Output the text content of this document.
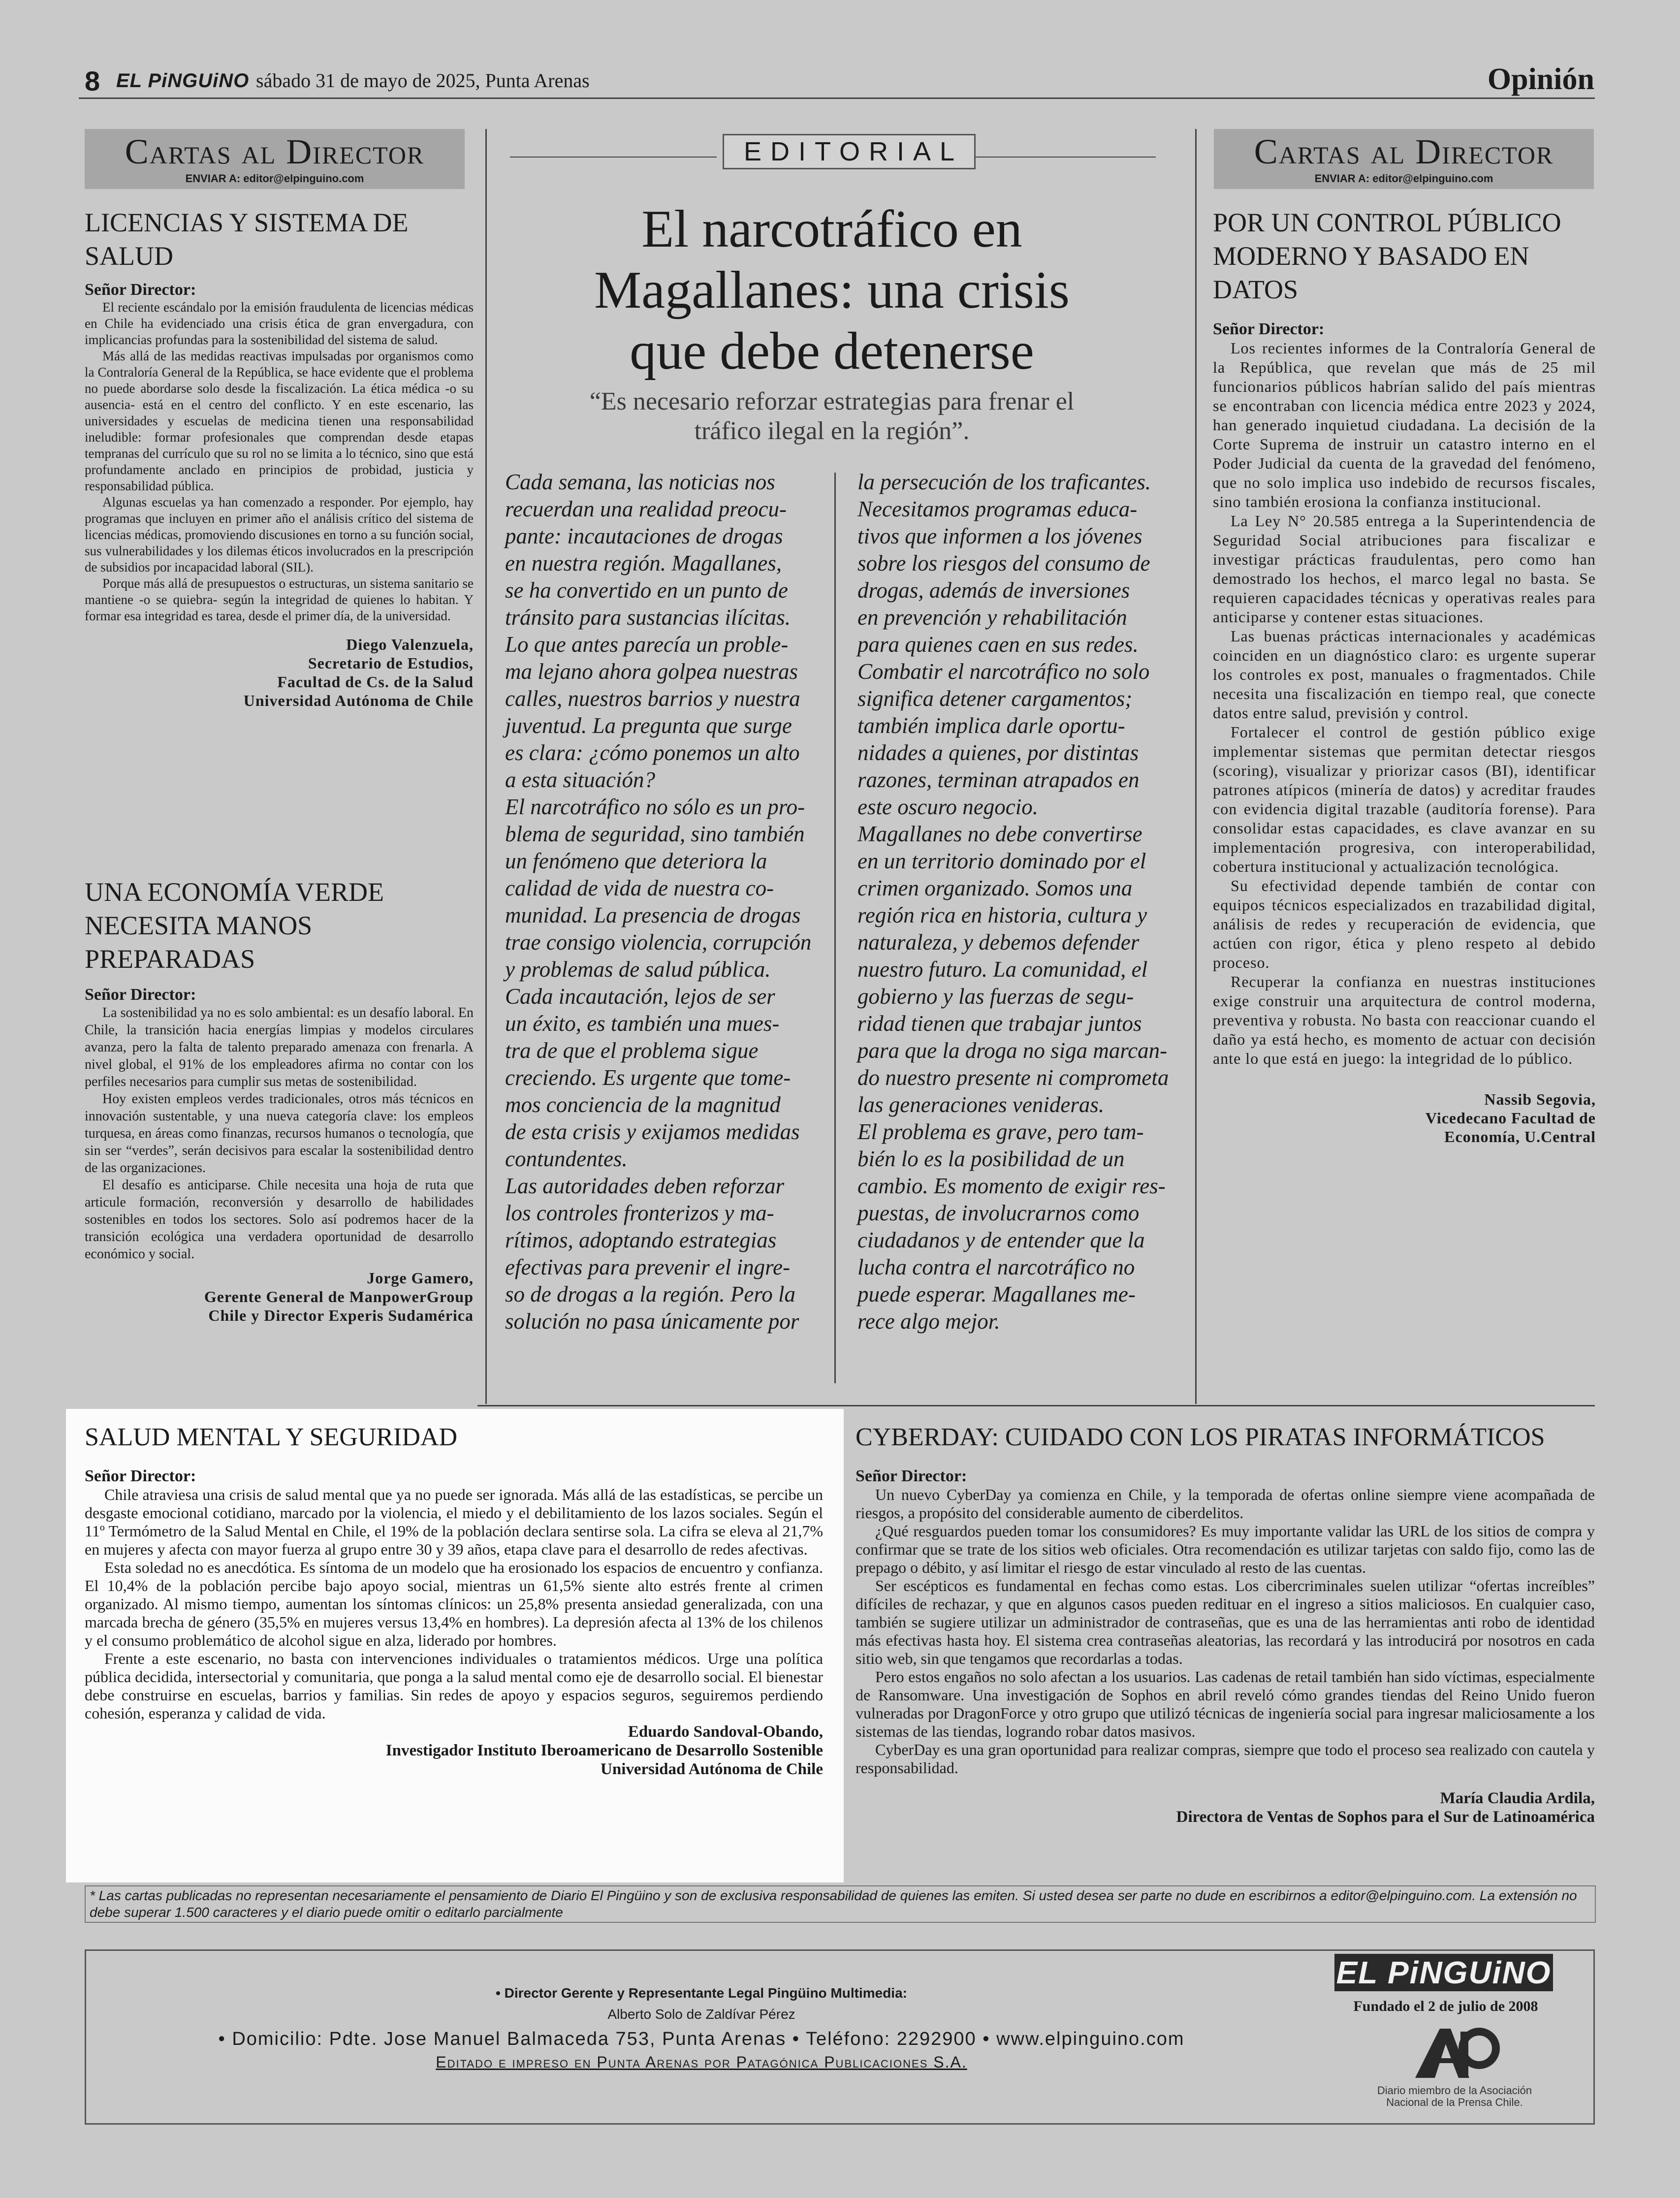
8 EL PiNGUiNO sábado 31 de mayo de 2025, Punta Arenas	Opinión
Cartas al Director
ENVIAR A: editor@elpinguino.com
LICENCIAS Y SISTEMA DE
SALUD
Señor Director:

El reciente escándalo por la emisión fraudulenta de licencias médicas en Chile ha evidenciado una crisis ética de gran envergadura, con implicancias profundas para la sostenibilidad del sistema de salud.

Más allá de las medidas reactivas impulsadas por organismos como la Contraloría General de la República, se hace evidente que el problema no puede abordarse solo desde la fiscalización. La ética médica -o su ausencia- está en el centro del conflicto. Y en este escenario, las universidades y escuelas de medicina tienen una responsabilidad ineludible: formar profesionales que comprendan desde etapas tempranas del currículo que su rol no se limita a lo técnico, sino que está profundamente anclado en principios de probidad, justicia y responsabilidad pública.

Algunas escuelas ya han comenzado a responder. Por ejemplo, hay programas que incluyen en primer año el análisis crítico del sistema de licencias médicas, promoviendo discusiones en torno a su función social, sus vulnerabilidades y los dilemas éticos involucrados en la prescripción de subsidios por incapacidad laboral (SIL).

Porque más allá de presupuestos o estructuras, un sistema sanitario se mantiene -o se quiebra- según la integridad de quienes lo habitan. Y formar esa integridad es tarea, desde el primer día, de la universidad.

Diego Valenzuela,
Secretario de Estudios,
Facultad de Cs. de la Salud
Universidad Autónoma de Chile
UNA ECONOMÍA VERDE
NECESITA MANOS
PREPARADAS
Señor Director:

La sostenibilidad ya no es solo ambiental: es un desafío laboral. En Chile, la transición hacia energías limpias y modelos circulares avanza, pero la falta de talento preparado amenaza con frenarla. A nivel global, el 91% de los empleadores afirma no contar con los perfiles necesarios para cumplir sus metas de sostenibilidad.

Hoy existen empleos verdes tradicionales, otros más técnicos en innovación sustentable, y una nueva categoría clave: los empleos turquesa, en áreas como finanzas, recursos humanos o tecnología, que sin ser “verdes”, serán decisivos para escalar la sostenibilidad dentro de las organizaciones.

El desafío es anticiparse. Chile necesita una hoja de ruta que articule formación, reconversión y desarrollo de habilidades sostenibles en todos los sectores. Solo así podremos hacer de la transición ecológica una verdadera oportunidad de desarrollo económico y social.

Jorge Gamero,
Gerente General de ManpowerGroup
Chile y Director Experis Sudamérica
EDITORIAL
El narcotráfico en
Magallanes: una crisis
que debe detenerse
“Es necesario reforzar estrategias para frenar el
tráfico ilegal en la región”.
Cada semana, las noticias nos
recuerdan una realidad preocu-
pante: incautaciones de drogas
en nuestra región. Magallanes,
se ha convertido en un punto de
tránsito para sustancias ilícitas.
Lo que antes parecía un proble-
ma lejano ahora golpea nuestras
calles, nuestros barrios y nuestra
juventud. La pregunta que surge
es clara: ¿cómo ponemos un alto
a esta situación?
El narcotráfico no sólo es un pro-
blema de seguridad, sino también
un fenómeno que deteriora la
calidad de vida de nuestra co-
munidad. La presencia de drogas
trae consigo violencia, corrupción
y problemas de salud pública.
Cada incautación, lejos de ser
un éxito, es también una mues-
tra de que el problema sigue
creciendo. Es urgente que tome-
mos conciencia de la magnitud
de esta crisis y exijamos medidas
contundentes.
Las autoridades deben reforzar
los controles fronterizos y ma-
rítimos, adoptando estrategias
efectivas para prevenir el ingre-
so de drogas a la región. Pero la
solución no pasa únicamente por
la persecución de los traficantes.
Necesitamos programas educa-
tivos que informen a los jóvenes
sobre los riesgos del consumo de
drogas, además de inversiones
en prevención y rehabilitación
para quienes caen en sus redes.
Combatir el narcotráfico no solo
significa detener cargamentos;
también implica darle oportu-
nidades a quienes, por distintas
razones, terminan atrapados en
este oscuro negocio.
Magallanes no debe convertirse
en un territorio dominado por el
crimen organizado. Somos una
región rica en historia, cultura y
naturaleza, y debemos defender
nuestro futuro. La comunidad, el
gobierno y las fuerzas de segu-
ridad tienen que trabajar juntos
para que la droga no siga marcan-
do nuestro presente ni comprometa
las generaciones venideras.
El problema es grave, pero tam-
bién lo es la posibilidad de un
cambio. Es momento de exigir res-
puestas, de involucrarnos como
ciudadanos y de entender que la
lucha contra el narcotráfico no
puede esperar. Magallanes me-
rece algo mejor.
Cartas al Director
ENVIAR A: editor@elpinguino.com
POR UN CONTROL PÚBLICO
MODERNO Y BASADO EN
DATOS
Señor Director:

Los recientes informes de la Contraloría General de la República, que revelan que más de 25 mil funcionarios públicos habrían salido del país mientras se encontraban con licencia médica entre 2023 y 2024, han generado inquietud ciudadana. La decisión de la Corte Suprema de instruir un catastro interno en el Poder Judicial da cuenta de la gravedad del fenómeno, que no solo implica uso indebido de recursos fiscales, sino también erosiona la confianza institucional.

La Ley N° 20.585 entrega a la Superintendencia de Seguridad Social atribuciones para fiscalizar e investigar prácticas fraudulentas, pero como han demostrado los hechos, el marco legal no basta. Se requieren capacidades técnicas y operativas reales para anticiparse y contener estas situaciones.

Las buenas prácticas internacionales y académicas coinciden en un diagnóstico claro: es urgente superar los controles ex post, manuales o fragmentados. Chile necesita una fiscalización en tiempo real, que conecte datos entre salud, previsión y control.

Fortalecer el control de gestión público exige implementar sistemas que permitan detectar riesgos (scoring), visualizar y priorizar casos (BI), identificar patrones atípicos (minería de datos) y acreditar fraudes con evidencia digital trazable (auditoría forense). Para consolidar estas capacidades, es clave avanzar en su implementación progresiva, con interoperabilidad, cobertura institucional y actualización tecnológica.

Su efectividad depende también de contar con equipos técnicos especializados en trazabilidad digital, análisis de redes y recuperación de evidencia, que actúen con rigor, ética y pleno respeto al debido proceso.

Recuperar la confianza en nuestras instituciones exige construir una arquitectura de control moderna, preventiva y robusta. No basta con reaccionar cuando el daño ya está hecho, es momento de actuar con decisión ante lo que está en juego: la integridad de lo público.

Nassib Segovia,
Vicedecano Facultad de
Economía, U.Central
SALUD MENTAL Y SEGURIDAD
Señor Director:

Chile atraviesa una crisis de salud mental que ya no puede ser ignorada. Más allá de las estadísticas, se percibe un desgaste emocional cotidiano, marcado por la violencia, el miedo y el debilitamiento de los lazos sociales. Según el 11º Termómetro de la Salud Mental en Chile, el 19% de la población declara sentirse sola. La cifra se eleva al 21,7% en mujeres y afecta con mayor fuerza al grupo entre 30 y 39 años, etapa clave para el desarrollo de redes afectivas.

Esta soledad no es anecdótica. Es síntoma de un modelo que ha erosionado los espacios de encuentro y confianza. El 10,4% de la población percibe bajo apoyo social, mientras un 61,5% siente alto estrés frente al crimen organizado. Al mismo tiempo, aumentan los síntomas clínicos: un 25,8% presenta ansiedad generalizada, con una marcada brecha de género (35,5% en mujeres versus 13,4% en hombres). La depresión afecta al 13% de los chilenos y el consumo problemático de alcohol sigue en alza, liderado por hombres.

Frente a este escenario, no basta con intervenciones individuales o tratamientos médicos. Urge una política pública decidida, intersectorial y comunitaria, que ponga a la salud mental como eje de desarrollo social. El bienestar debe construirse en escuelas, barrios y familias. Sin redes de apoyo y espacios seguros, seguiremos perdiendo cohesión, esperanza y calidad de vida.

Eduardo Sandoval-Obando,
Investigador Instituto Iberoamericano de Desarrollo Sostenible
Universidad Autónoma de Chile
CYBERDAY: CUIDADO CON LOS PIRATAS INFORMÁTICOS
Señor Director:

Un nuevo CyberDay ya comienza en Chile, y la temporada de ofertas online siempre viene acompañada de riesgos, a propósito del considerable aumento de ciberdelitos.

¿Qué resguardos pueden tomar los consumidores? Es muy importante validar las URL de los sitios de compra y confirmar que se trate de los sitios web oficiales. Otra recomendación es utilizar tarjetas con saldo fijo, como las de prepago o débito, y así limitar el riesgo de estar vinculado al resto de las cuentas.

Ser escépticos es fundamental en fechas como estas. Los cibercriminales suelen utilizar “ofertas increíbles” difíciles de rechazar, y que en algunos casos pueden redituar en el ingreso a sitios maliciosos. En cualquier caso, también se sugiere utilizar un administrador de contraseñas, que es una de las herramientas anti robo de identidad más efectivas hasta hoy. El sistema crea contraseñas aleatorias, las recordará y las introducirá por nosotros en cada sitio web, sin que tengamos que recordarlas a todas.

Pero estos engaños no solo afectan a los usuarios. Las cadenas de retail también han sido víctimas, especialmente de Ransomware. Una investigación de Sophos en abril reveló cómo grandes tiendas del Reino Unido fueron vulneradas por DragonForce y otro grupo que utilizó técnicas de ingeniería social para ingresar maliciosamente a los sistemas de las tiendas, logrando robar datos masivos.

CyberDay es una gran oportunidad para realizar compras, siempre que todo el proceso sea realizado con cautela y responsabilidad.

María Claudia Ardila,
Directora de Ventas de Sophos para el Sur de Latinoamérica
* Las cartas publicadas no representan necesariamente el pensamiento de Diario El Pingüino y son de exclusiva responsabilidad de quienes las emiten. Si usted desea ser parte no dude en escribirnos a editor@elpinguino.com. La extensión no debe superar 1.500 caracteres y el diario puede omitir o editarlo parcialmente
• Director Gerente y Representante Legal Pingüino Multimedia:
Alberto Solo de Zaldívar Pérez
• Domicilio: Pdte. Jose Manuel Balmaceda 753, Punta Arenas • Teléfono: 2292900 • www.elpinguino.com
Editado e impreso en Punta Arenas por Patagónica Publicaciones S.A.
EL PiNGUiNO
Fundado el 2 de julio de 2008
Diario miembro de la Asociación
Nacional de la Prensa Chile.
